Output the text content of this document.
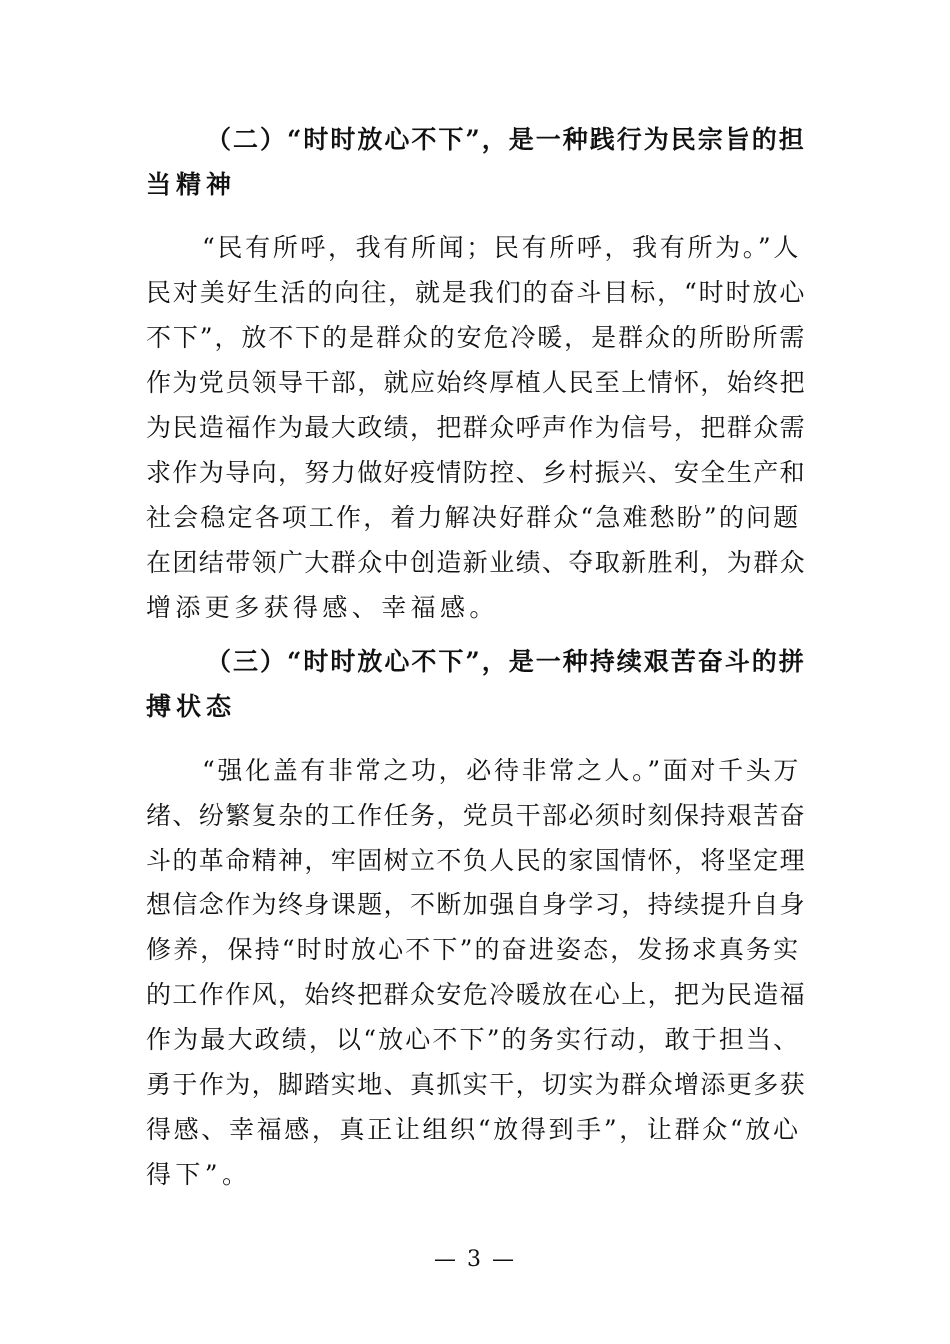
（二）“时时放心不下”，是一种践行为民宗旨的担
当精神
“民有所呼，我有所闻；民有所呼，我有所为。”人
民对美好生活的向往，就是我们的奋斗目标，“时时放心
不下”，放不下的是群众的安危冷暖，是群众的所盼所需
作为党员领导干部，就应始终厚植人民至上情怀，始终把
为民造福作为最大政绩，把群众呼声作为信号，把群众需
求作为导向，努力做好疫情防控、乡村振兴、安全生产和
社会稳定各项工作，着力解决好群众“急难愁盼”的问题
在团结带领广大群众中创造新业绩、夺取新胜利，为群众
增添更多获得感、幸福感。
（三）“时时放心不下”，是一种持续艰苦奋斗的拼
搏状态
“强化盖有非常之功，必待非常之人。”面对千头万
绪、纷繁复杂的工作任务，党员干部必须时刻保持艰苦奋
斗的革命精神，牢固树立不负人民的家国情怀，将坚定理
想信念作为终身课题，不断加强自身学习，持续提升自身
修养，保持“时时放心不下”的奋进姿态，发扬求真务实
的工作作风，始终把群众安危冷暖放在心上，把为民造福
作为最大政绩，以“放心不下”的务实行动，敢于担当、
勇于作为，脚踏实地、真抓实干，切实为群众增添更多获
得感、幸福感，真正让组织“放得到手”，让群众“放心
得下”。
— 3 —
